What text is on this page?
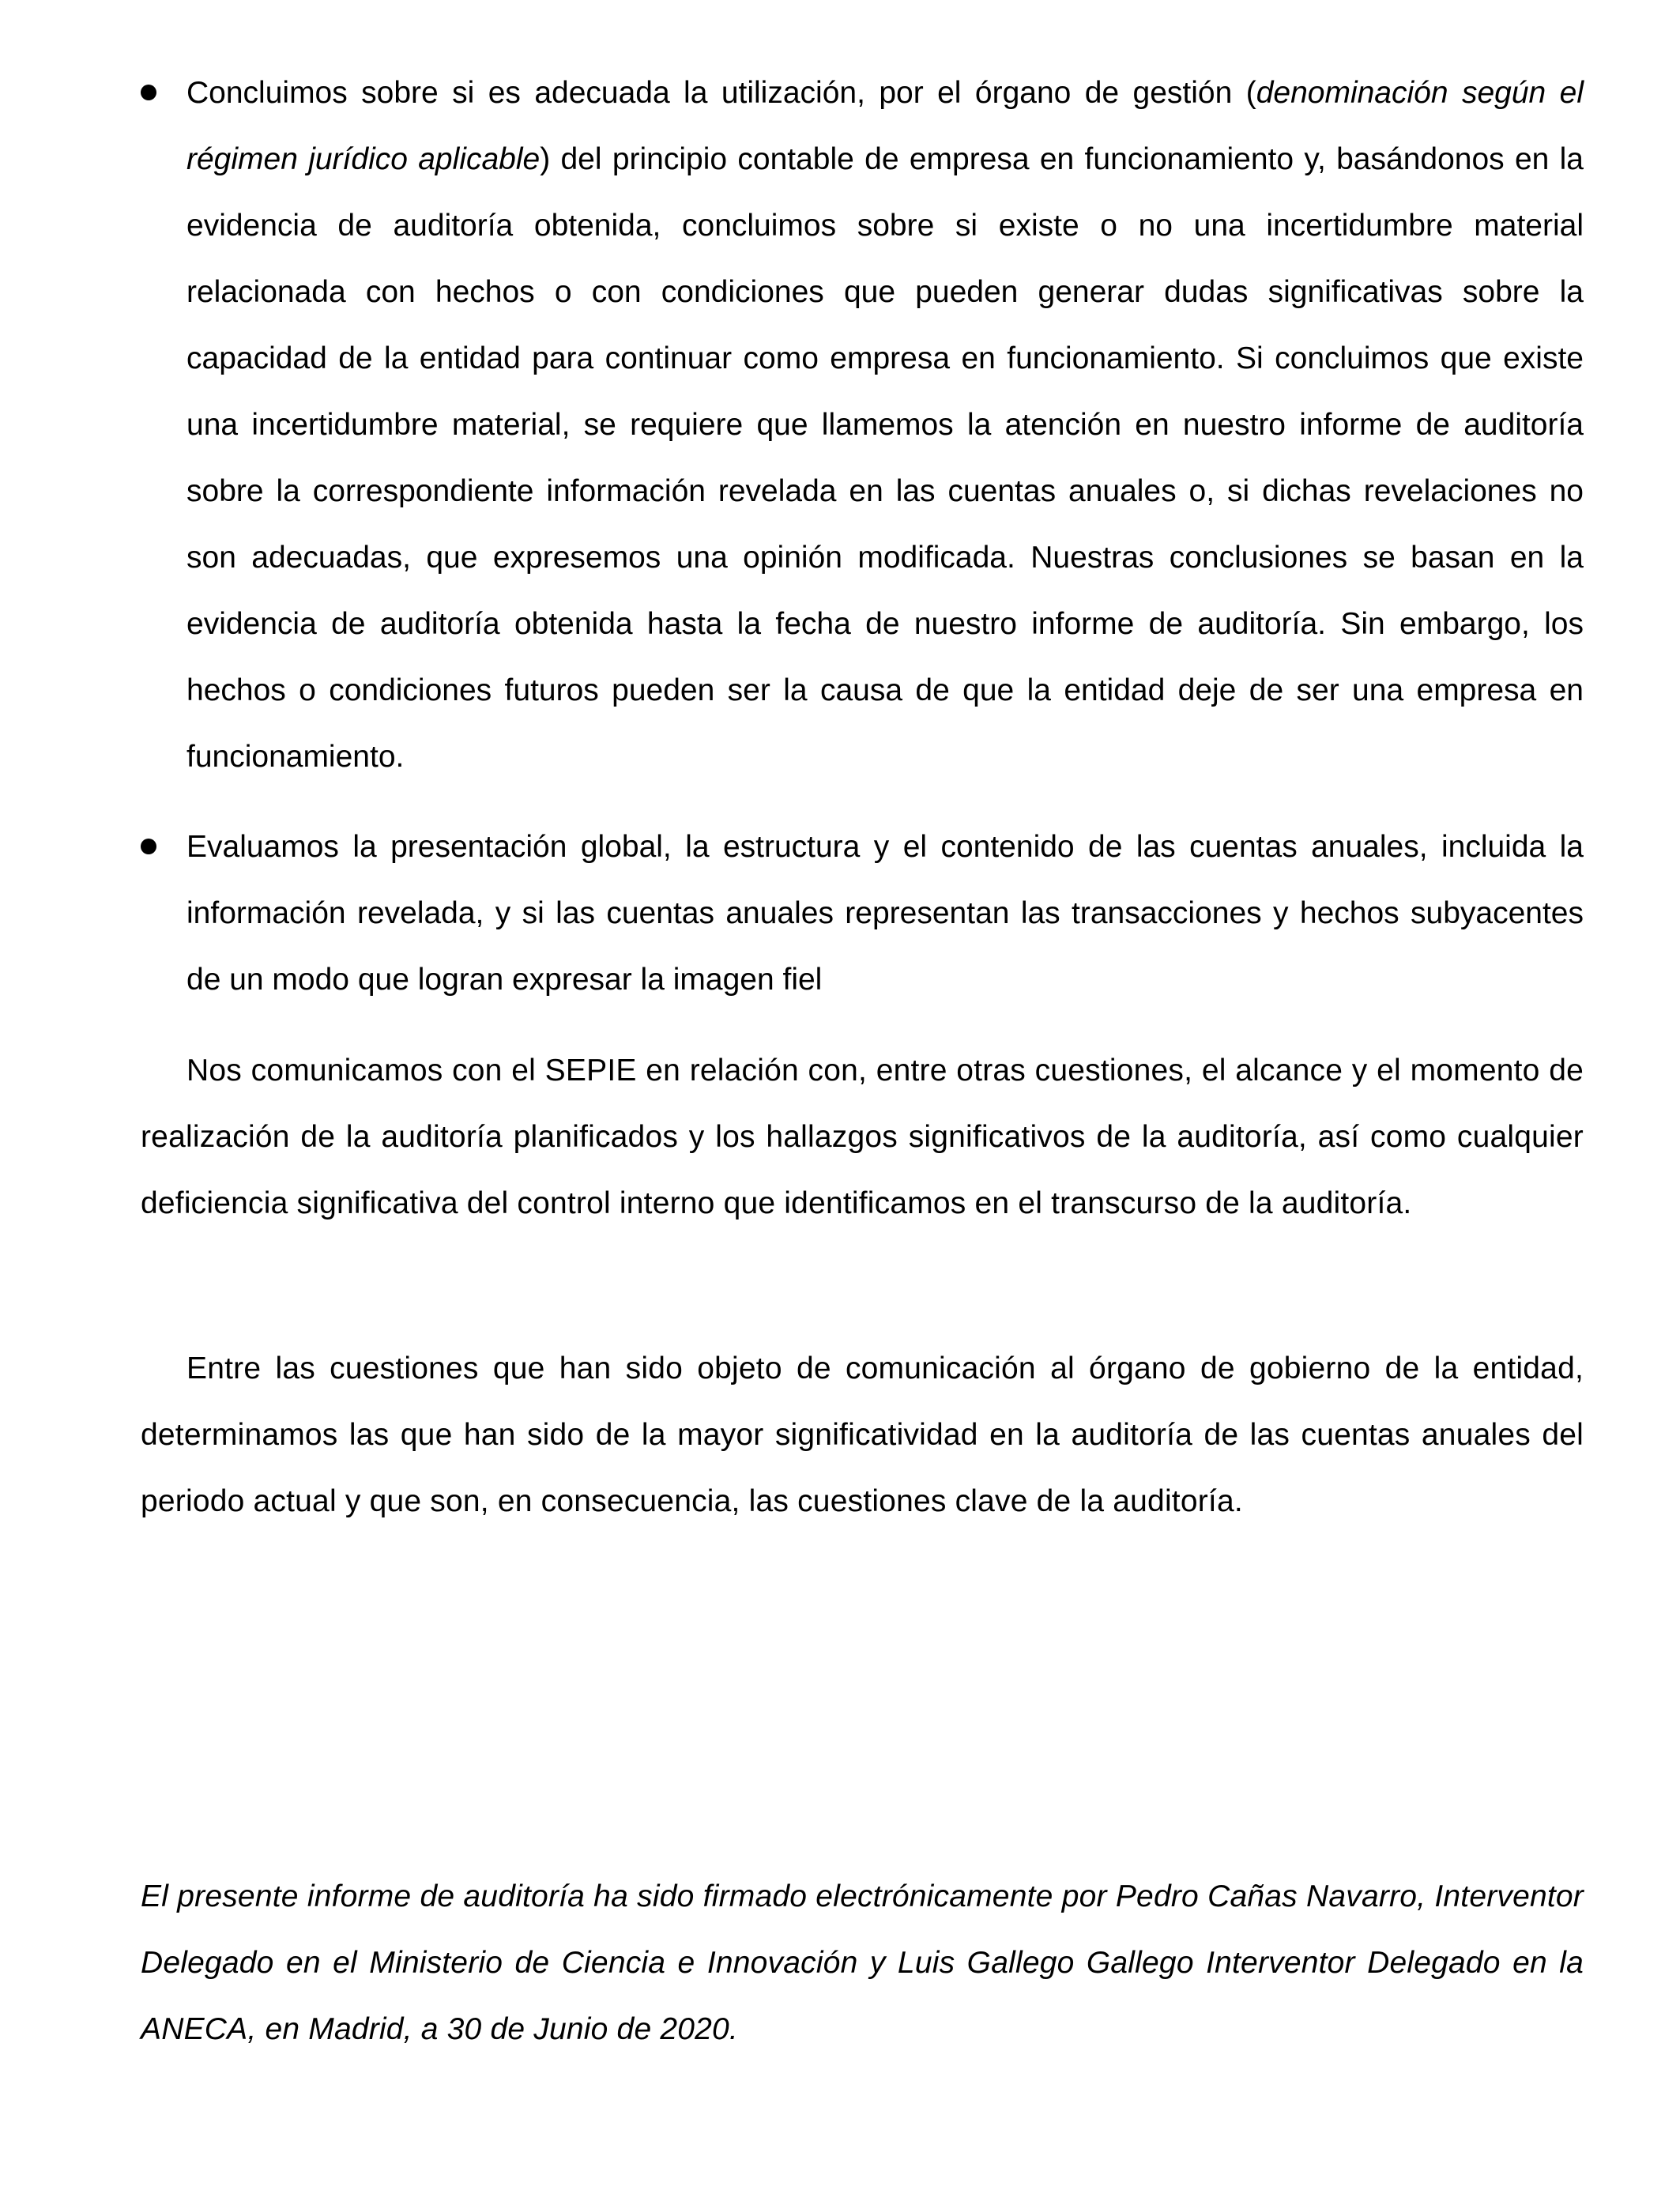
Concluimos sobre si es adecuada la utilización, por el órgano de gestión (denominación según el régimen jurídico aplicable) del principio contable de empresa en funcionamiento y, basándonos en la evidencia de auditoría obtenida, concluimos sobre si existe o no una incertidumbre material relacionada con hechos o con condiciones que pueden generar dudas significativas sobre la capacidad de la entidad para continuar como empresa en funcionamiento. Si concluimos que existe una incertidumbre material, se requiere que llamemos la atención en nuestro informe de auditoría sobre la correspondiente información revelada en las cuentas anuales o, si dichas revelaciones no son adecuadas, que expresemos una opinión modificada. Nuestras conclusiones se basan en la evidencia de auditoría obtenida hasta la fecha de nuestro informe de auditoría. Sin embargo, los hechos o condiciones futuros pueden ser la causa de que la entidad deje de ser una empresa en funcionamiento.

Evaluamos la presentación global, la estructura y el contenido de las cuentas anuales, incluida la información revelada, y si las cuentas anuales representan las transacciones y hechos subyacentes de un modo que logran expresar la imagen fiel

Nos comunicamos con el SEPIE en relación con, entre otras cuestiones, el alcance y el momento de realización de la auditoría planificados y los hallazgos significativos de la auditoría, así como cualquier deficiencia significativa del control interno que identificamos en el transcurso de la auditoría.

Entre las cuestiones que han sido objeto de comunicación al órgano de gobierno de la entidad, determinamos las que han sido de la mayor significatividad en la auditoría de las cuentas anuales del periodo actual y que son, en consecuencia, las cuestiones clave de la auditoría.

El presente informe de auditoría ha sido firmado electrónicamente por Pedro Cañas Navarro, Interventor Delegado en el Ministerio de Ciencia e Innovación y Luis Gallego Gallego Interventor Delegado en la ANECA, en Madrid, a 30 de Junio de 2020.
